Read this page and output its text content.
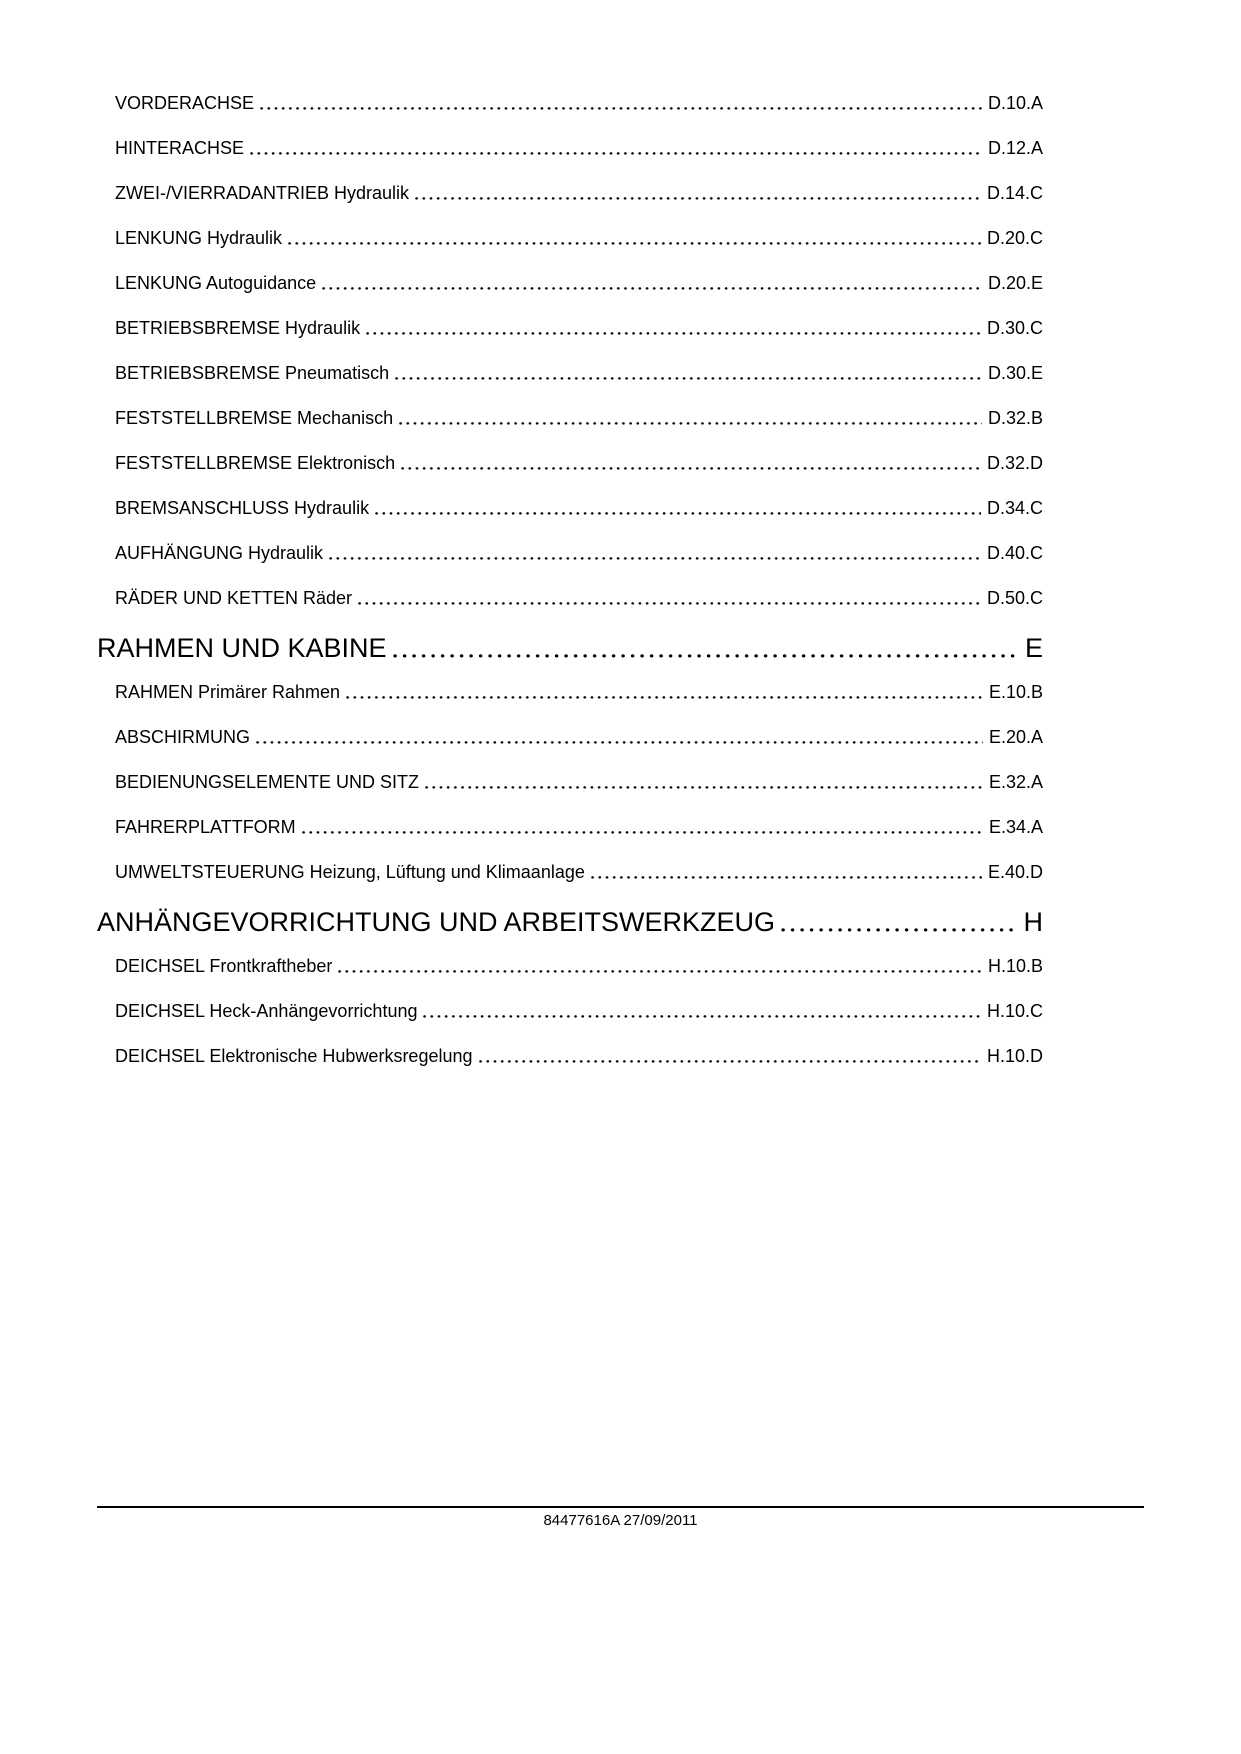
VORDERACHSE	D.10.A
HINTERACHSE	D.12.A
ZWEI-/VIERRADANTRIEB Hydraulik	D.14.C
LENKUNG Hydraulik	D.20.C
LENKUNG Autoguidance	D.20.E
BETRIEBSBREMSE Hydraulik	D.30.C
BETRIEBSBREMSE Pneumatisch	D.30.E
FESTSTELLBREMSE Mechanisch	D.32.B
FESTSTELLBREMSE Elektronisch	D.32.D
BREMSANSCHLUSS Hydraulik	D.34.C
AUFHÄNGUNG Hydraulik	D.40.C
RÄDER UND KETTEN Räder	D.50.C
RAHMEN UND KABINE	E
RAHMEN Primärer Rahmen	E.10.B
ABSCHIRMUNG	E.20.A
BEDIENUNGSELEMENTE UND SITZ	E.32.A
FAHRERPLATTFORM	E.34.A
UMWELTSTEUERUNG Heizung, Lüftung und Klimaanlage	E.40.D
ANHÄNGEVORRICHTUNG UND ARBEITSWERKZEUG	H
DEICHSEL Frontkraftheber	H.10.B
DEICHSEL Heck-Anhängevorrichtung	H.10.C
DEICHSEL Elektronische Hubwerksregelung	H.10.D
84477616A 27/09/2011
